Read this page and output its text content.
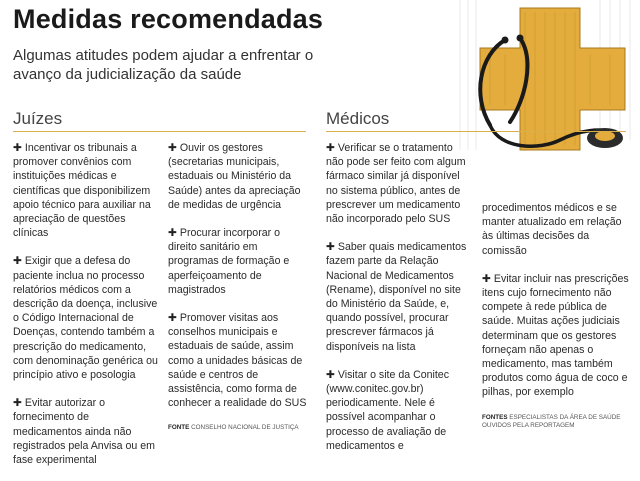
Medidas recomendadas
Algumas atitudes podem ajudar a enfrentar o avanço da judicialização da saúde
Juízes
✚ Incentivar os tribunais a promover convênios com instituições médicas e científicas que disponibilizem apoio técnico para auxiliar na apreciação de questões clínicas
✚ Exigir que a defesa do paciente inclua no processo relatórios médicos com a descrição da doença, inclusive o Código Internacional de Doenças, contendo também a prescrição do medicamento, com denominação genérica ou princípio ativo e posologia
✚ Evitar autorizar o fornecimento de medicamentos ainda não registrados pela Anvisa ou em fase experimental
✚ Ouvir os gestores (secretarias municipais, estaduais ou Ministério da Saúde) antes da apreciação de medidas de urgência
✚ Procurar incorporar o direito sanitário em programas de formação e aperfeiçoamento de magistrados
✚ Promover visitas aos conselhos municipais e estaduais de saúde, assim como a unidades básicas de saúde e centros de assistência, como forma de conhecer a realidade do SUS
FONTE CONSELHO NACIONAL DE JUSTIÇA
Médicos
✚ Verificar se o tratamento não pode ser feito com algum fármaco similar já disponível no sistema público, antes de prescrever um medicamento não incorporado pelo SUS
✚ Saber quais medicamentos fazem parte da Relação Nacional de Medicamentos (Rename), disponível no site do Ministério da Saúde, e, quando possível, procurar prescrever fármacos já disponíveis na lista
✚ Visitar o site da Conitec (www.conitec.gov.br) periodicamente. Nele é possível acompanhar o processo de avaliação de medicamentos e
procedimentos médicos e se manter atualizado em relação às últimas decisões da comissão
✚ Evitar incluir nas prescrições itens cujo fornecimento não compete à rede pública de saúde. Muitas ações judiciais determinam que os gestores forneçam não apenas o medicamento, mas também produtos como água de coco e pilhas, por exemplo
FONTES ESPECIALISTAS DA ÁREA DE SAÚDE OUVIDOS PELA REPORTAGEM
